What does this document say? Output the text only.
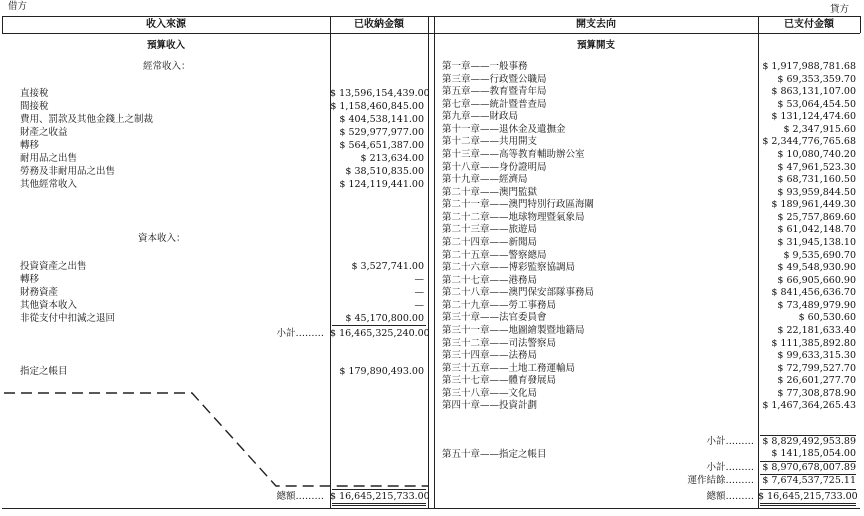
借方	貸方
收入來源	已收納金額	開支去向	已支付金額
預算收入
經常收入：
直接稅	$ 13,596,154,439.00
間接稅	$ 1,158,460,845.00
費用、罰款及其他金錢上之制裁	$ 404,538,141.00
財產之收益	$ 529,977,977.00
轉移	$ 564,651,387.00
耐用品之出售	$ 213,634.00
勞務及非耐用品之出售	$ 38,510,835.00
其他經常收入	$ 124,119,441.00
資本收入：
投資資產之出售	$ 3,527,741.00
轉移	—
財務資產	—
其他資本收入	—
非從支付中扣減之退回	$ 45,170,800.00
小計……… $ 16,465,325,240.00
指定之帳目	$ 179,890,493.00
總額……… $ 16,645,215,733.00
預算開支
第一章——一般事務	$ 1,917,988,781.68
第三章——行政暨公職局	$ 69,353,359.70
第五章——教育暨青年局	$ 863,131,107.00
第七章——統計暨普查局	$ 53,064,454.50
第九章——財政局	$ 131,124,474.60
第十一章——退休金及遺撫金	$ 2,347,915.60
第十二章——共用開支	$ 2,344,776,765.68
第十三章——高等教育輔助辦公室	$ 10,080,740.20
第十八章——身份證明局	$ 47,961,523.30
第十九章——經濟局	$ 68,731,160.50
第二十章——澳門監獄	$ 93,959,844.50
第二十一章——澳門特別行政區海關	$ 189,961,449.30
第二十二章——地球物理暨氣象局	$ 25,757,869.60
第二十三章——旅遊局	$ 61,042,148.70
第二十四章——新聞局	$ 31,945,138.10
第二十五章——警察總局	$ 9,535,690.70
第二十六章——博彩監察協調局	$ 49,548,930.90
第二十七章——港務局	$ 66,905,660.90
第二十八章——澳門保安部隊事務局	$ 841,456,636.70
第二十九章——勞工事務局	$ 73,489,979.90
第三十章——法官委員會	$ 60,530.60
第三十一章——地圖繪製暨地籍局	$ 22,181,633.40
第三十二章——司法警察局	$ 111,385,892.80
第三十四章——法務局	$ 99,633,315.30
第三十五章——土地工務運輸局	$ 72,799,527.70
第三十七章——體育發展局	$ 26,601,277.70
第三十八章——文化局	$ 77,308,878.90
第四十章——投資計劃	$ 1,467,364,265.43
小計……… $ 8,829,492,953.89
第五十章——指定之帳目	$ 141,185,054.00
小計……… $ 8,970,678,007.89
運作結餘……… $ 7,674,537,725.11
總額……… $ 16,645,215,733.00
